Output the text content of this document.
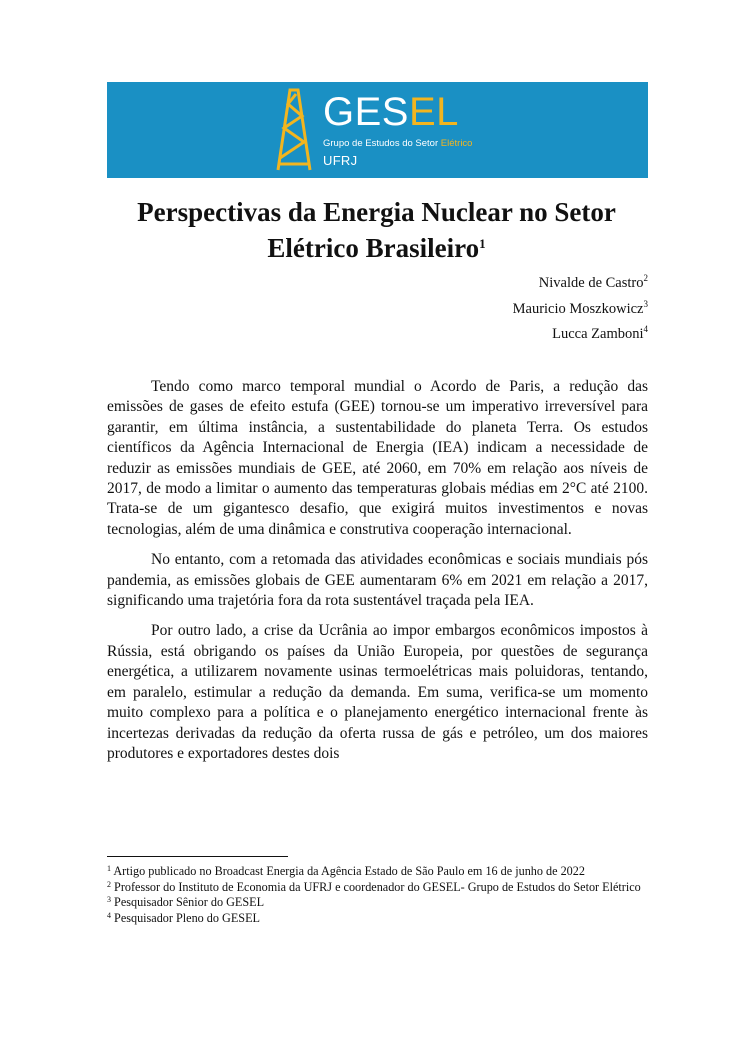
GESEL
Grupo de Estudos do Setor Elétrico
UFRJ
Perspectivas da Energia Nuclear no Setor
Elétrico Brasileiro$^1$
Nivalde de Castro$^2$
Mauricio Moszkowicz$^3$
Lucca Zamboni$^4$

Tendo como marco temporal mundial o Acordo de Paris, a redução das emissões de gases de efeito estufa (GEE) tornou-se um imperativo irreversível para garantir, em última instância, a sustentabilidade do planeta Terra. Os estudos científicos da Agência Internacional de Energia (IEA) indicam a necessidade de reduzir as emissões mundiais de GEE, até 2060, em 70% em relação aos níveis de 2017, de modo a limitar o aumento das temperaturas globais médias em 2°C até 2100. Trata-se de um gigantesco desafio, que exigirá muitos investimentos e novas tecnologias, além de uma dinâmica e construtiva cooperação internacional.

No entanto, com a retomada das atividades econômicas e sociais mundiais pós pandemia, as emissões globais de GEE aumentaram 6% em 2021 em relação a 2017, significando uma trajetória fora da rota sustentável traçada pela IEA.

Por outro lado, a crise da Ucrânia ao impor embargos econômicos impostos à Rússia, está obrigando os países da União Europeia, por questões de segurança energética, a utilizarem novamente usinas termoelétricas mais poluidoras, tentando, em paralelo, estimular a redução da demanda. Em suma, verifica-se um momento muito complexo para a política e o planejamento energético internacional frente às incertezas derivadas da redução da oferta russa de gás e petróleo, um dos maiores produtores e exportadores destes dois

$^1$ Artigo publicado no Broadcast Energia da Agência Estado de São Paulo em 16 de junho de 2022

$^2$ Professor do Instituto de Economia da UFRJ e coordenador do GESEL- Grupo de Estudos do Setor Elétrico

$^3$ Pesquisador Sênior do GESEL

$^4$ Pesquisador Pleno do GESEL
